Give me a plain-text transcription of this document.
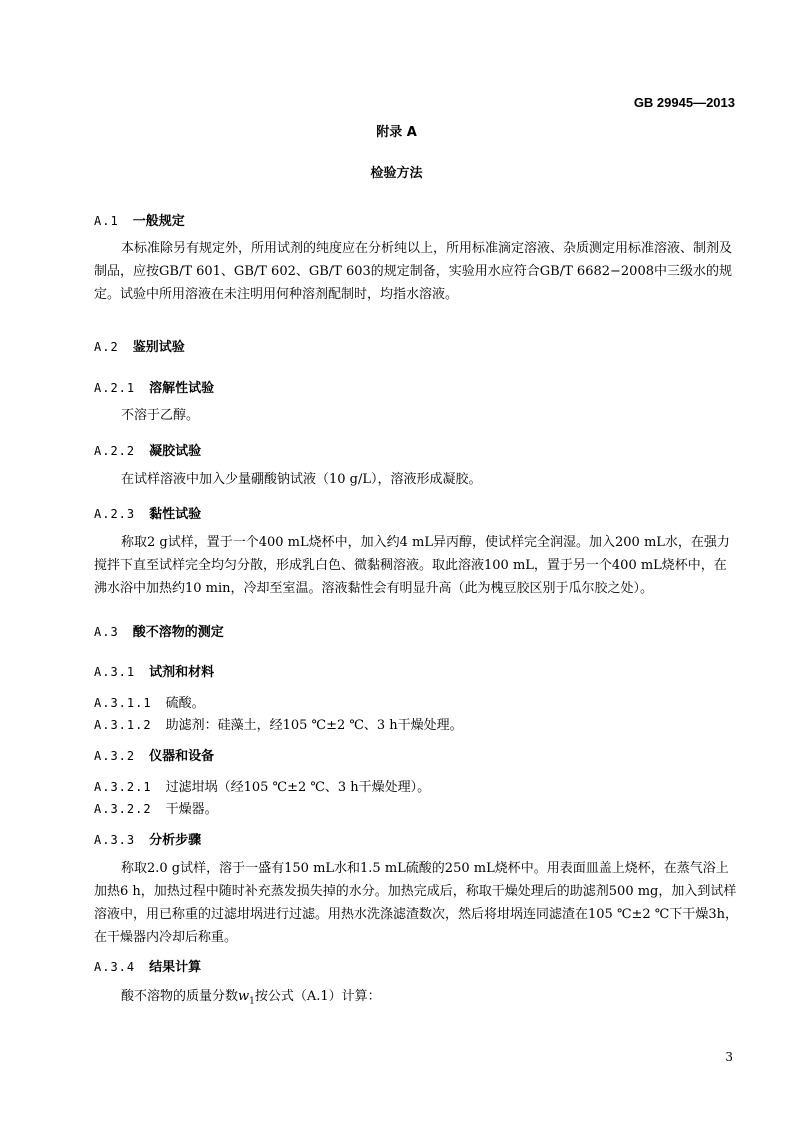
GB 29945—2013
附录 A
检验方法
A.1 一般规定
本标准除另有规定外，所用试剂的纯度应在分析纯以上，所用标准滴定溶液、杂质测定用标准溶液、制剂及制品，应按GB/T 601、GB/T 602、GB/T 603的规定制备，实验用水应符合GB/T 6682−2008中三级水的规定。试验中所用溶液在未注明用何种溶剂配制时，均指水溶液。
A.2 鉴别试验
A.2.1 溶解性试验
不溶于乙醇。
A.2.2 凝胶试验
在试样溶液中加入少量硼酸钠试液（10 g/L），溶液形成凝胶。
A.2.3 黏性试验
称取2 g试样，置于一个400 mL烧杯中，加入约4 mL异丙醇，使试样完全润湿。加入200 mL水，在强力搅拌下直至试样完全均匀分散，形成乳白色、微黏稠溶液。取此溶液100 mL，置于另一个400 mL烧杯中，在沸水浴中加热约10 min，冷却至室温。溶液黏性会有明显升高（此为槐豆胶区别于瓜尔胶之处）。
A.3 酸不溶物的测定
A.3.1 试剂和材料
A.3.1.1 硫酸。
A.3.1.2 助滤剂：硅藻土，经105 ℃±2 ℃、3 h干燥处理。
A.3.2 仪器和设备
A.3.2.1 过滤坩埚（经105 ℃±2 ℃、3 h干燥处理）。
A.3.2.2 干燥器。
A.3.3 分析步骤
称取2.0 g试样，溶于一盛有150 mL水和1.5 mL硫酸的250 mL烧杯中。用表面皿盖上烧杯，在蒸气浴上加热6 h，加热过程中随时补充蒸发损失掉的水分。加热完成后，称取干燥处理后的助滤剂500 mg，加入到试样溶液中，用已称重的过滤坩埚进行过滤。用热水洗涤滤渣数次，然后将坩埚连同滤渣在105 ℃±2 ℃下干燥3h，在干燥器内冷却后称重。
A.3.4 结果计算
酸不溶物的质量分数$w_1$按公式（A.1）计算：
3
